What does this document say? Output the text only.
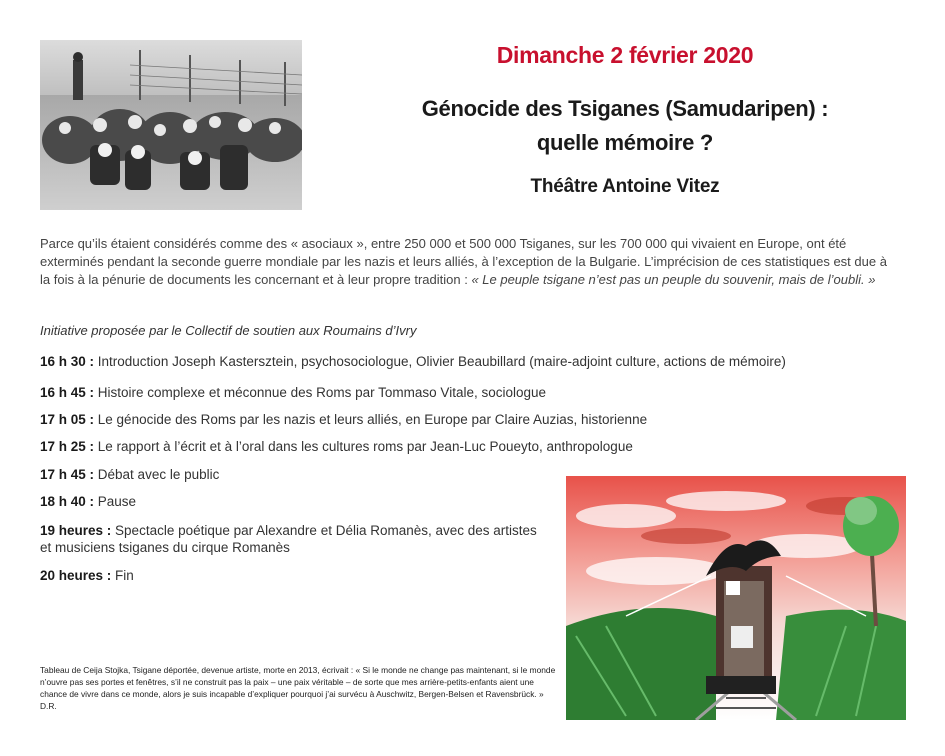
Dimanche 2 février 2020
Génocide des Tsiganes (Samudaripen) :
quelle mémoire ?
Théâtre Antoine Vitez
Parce qu’ils étaient considérés comme des « asociaux », entre 250 000 et 500 000 Tsiganes, sur les 700 000 qui vivaient en Europe, ont été exterminés pendant la seconde guerre mondiale par les nazis et leurs alliés, à l’exception de la Bulgarie. L’imprécision de ces statistiques est due à la fois à la pénurie de documents les concernant et à leur propre tradition : « Le peuple tsigane n’est pas un peuple du souvenir, mais de l’oubli. »
Initiative proposée par le Collectif de soutien aux Roumains d’Ivry
16 h 30 : Introduction Joseph Kastersztein, psychosociologue, Olivier Beaubillard (maire-adjoint culture, actions de mémoire)
16 h 45 : Histoire complexe et méconnue des Roms par Tommaso Vitale, sociologue
17 h 05 : Le génocide des Roms par les nazis et leurs alliés, en Europe par Claire Auzias, historienne
17 h 25 : Le rapport à l’écrit et à l’oral dans les cultures roms par Jean-Luc Poueyto, anthropologue
17 h 45 : Débat avec le public
18 h 40 : Pause
19 heures : Spectacle poétique par Alexandre et Délia Romanès, avec des artistes et musiciens tsiganes du cirque Romanès
20 heures : Fin
Tableau de Ceija Stojka, Tsigane déportée, devenue artiste, morte en 2013, écrivait : « Si le monde ne change pas maintenant, si le monde n’ouvre pas ses portes et fenêtres, s’il ne construit pas la paix – une paix véritable – de sorte que mes arrière-petits-enfants aient une chance de vivre dans ce monde, alors je suis incapable d’expliquer pourquoi j’ai survécu à Auschwitz, Bergen-Belsen et Ravensbrück. » D.R.
